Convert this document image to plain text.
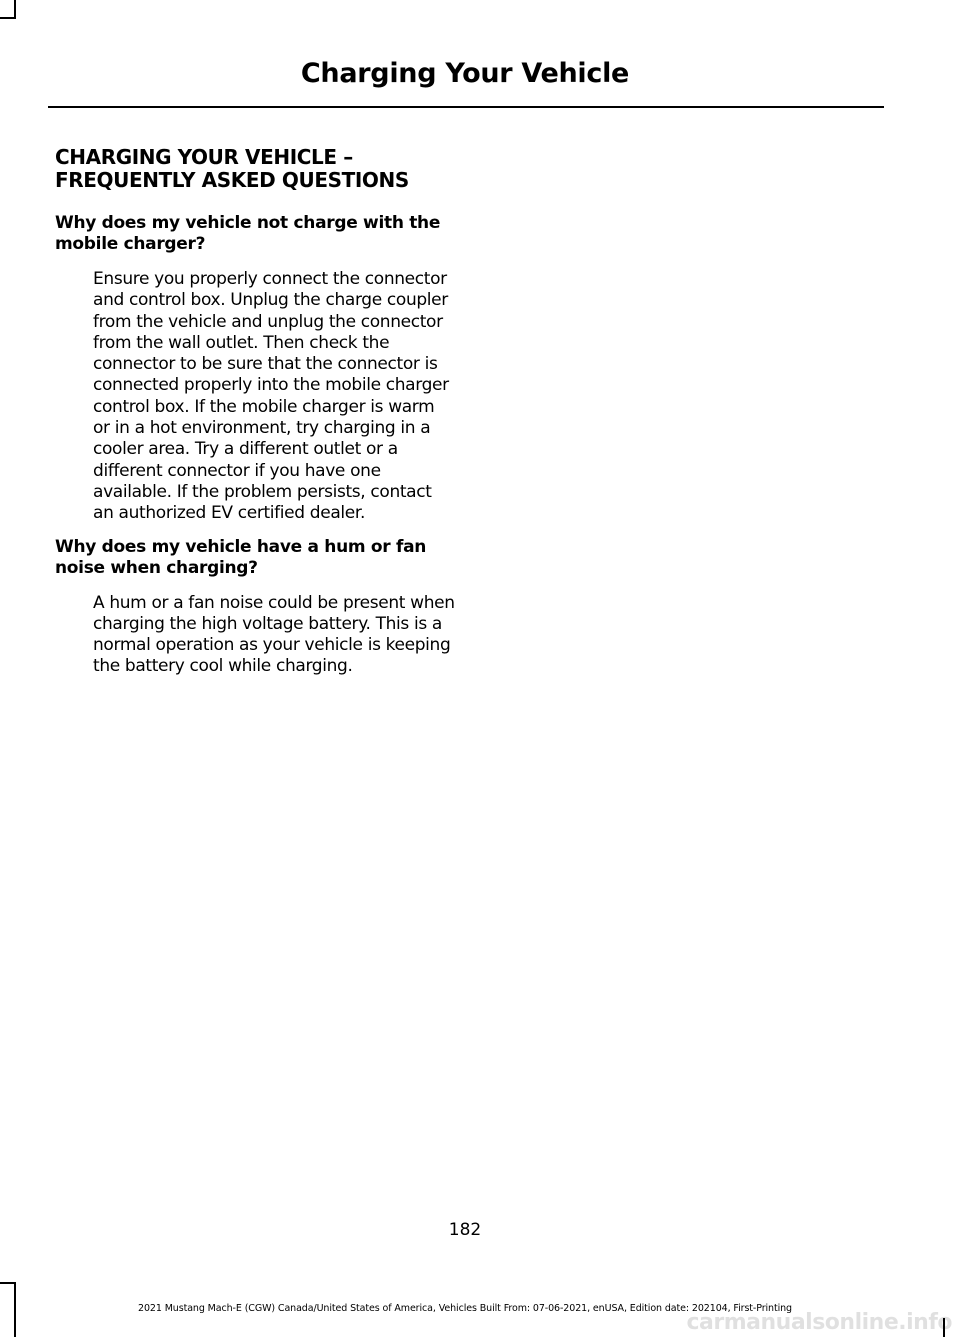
Charging Your Vehicle
CHARGING YOUR VEHICLE – FREQUENTLY ASKED QUESTIONS
Why does my vehicle not charge with the mobile charger?

Ensure you properly connect the connector and control box. Unplug the charge coupler from the vehicle and unplug the connector from the wall outlet. Then check the connector to be sure that the connector is connected properly into the mobile charger control box. If the mobile charger is warm or in a hot environment, try charging in a cooler area. Try a different outlet or a different connector if you have one available. If the problem persists, contact an authorized EV certified dealer.

Why does my vehicle have a hum or fan noise when charging?

A hum or a fan noise could be present when charging the high voltage battery. This is a normal operation as your vehicle is keeping the battery cool while charging.

182

2021 Mustang Mach-E (CGW) Canada/United States of America, Vehicles Built From: 07-06-2021, enUSA, Edition date: 202104, First-Printing

carmanualsonline.info
